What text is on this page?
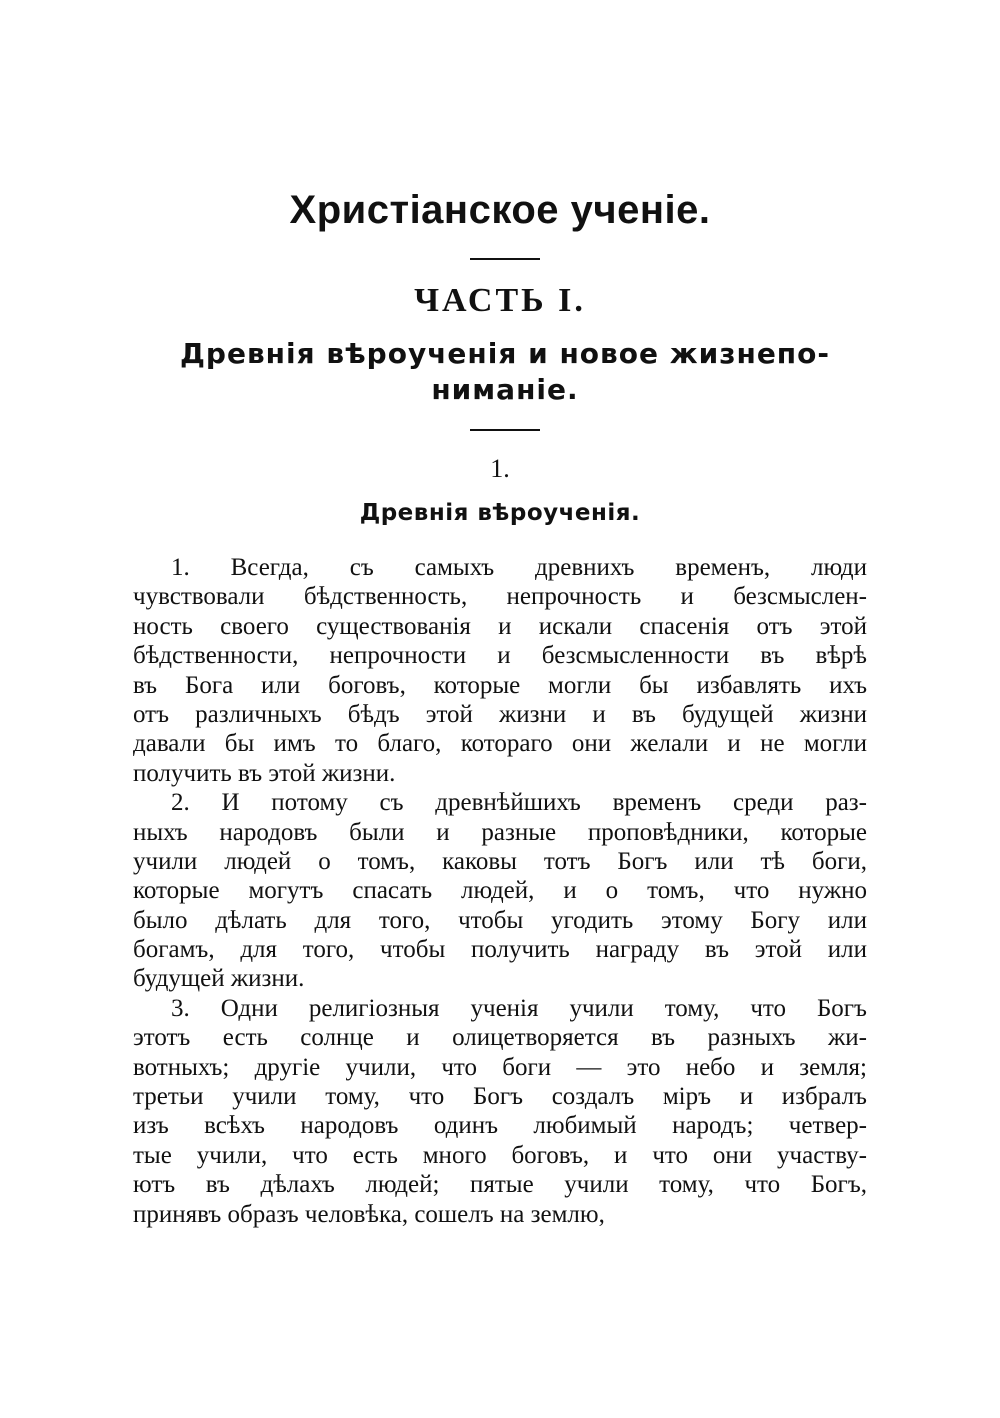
Христіанское ученіе.
ЧАСТЬ I.
Древнія вѣроученія и новое жизнепо-
ниманіе.
1.
Древнія вѣроученія.
1. Всегда, съ самыхъ древнихъ временъ, люди
чувствовали бѣдственность, непрочность и безсмыслен-
ность своего существованія и искали спасенія отъ этой
бѣдственности, непрочности и безсмысленности въ вѣрѣ
въ Бога или боговъ, которые могли бы избавлять ихъ
отъ различныхъ бѣдъ этой жизни и въ будущей жизни
давали бы имъ то благо, котораго они желали и не могли
получить въ этой жизни.
2. И потому съ древнѣйшихъ временъ среди раз-
ныхъ народовъ были и разные проповѣдники, которые
учили людей о томъ, каковы тотъ Богъ или тѣ боги,
которые могутъ спасать людей, и о томъ, что нужно
было дѣлать для того, чтобы угодить этому Богу или
богамъ, для того, чтобы получить награду въ этой или
будущей жизни.
3. Одни религіозныя ученія учили тому, что Богъ
этотъ есть солнце и олицетворяется въ разныхъ жи-
вотныхъ; другіе учили, что боги — это небо и земля;
третьи учили тому, что Богъ создалъ міръ и избралъ
изъ всѣхъ народовъ одинъ любимый народъ; четвер-
тые учили, что есть много боговъ, и что они участву-
ютъ въ дѣлахъ людей; пятые учили тому, что Богъ,
принявъ образъ человѣка, сошелъ на землю,
